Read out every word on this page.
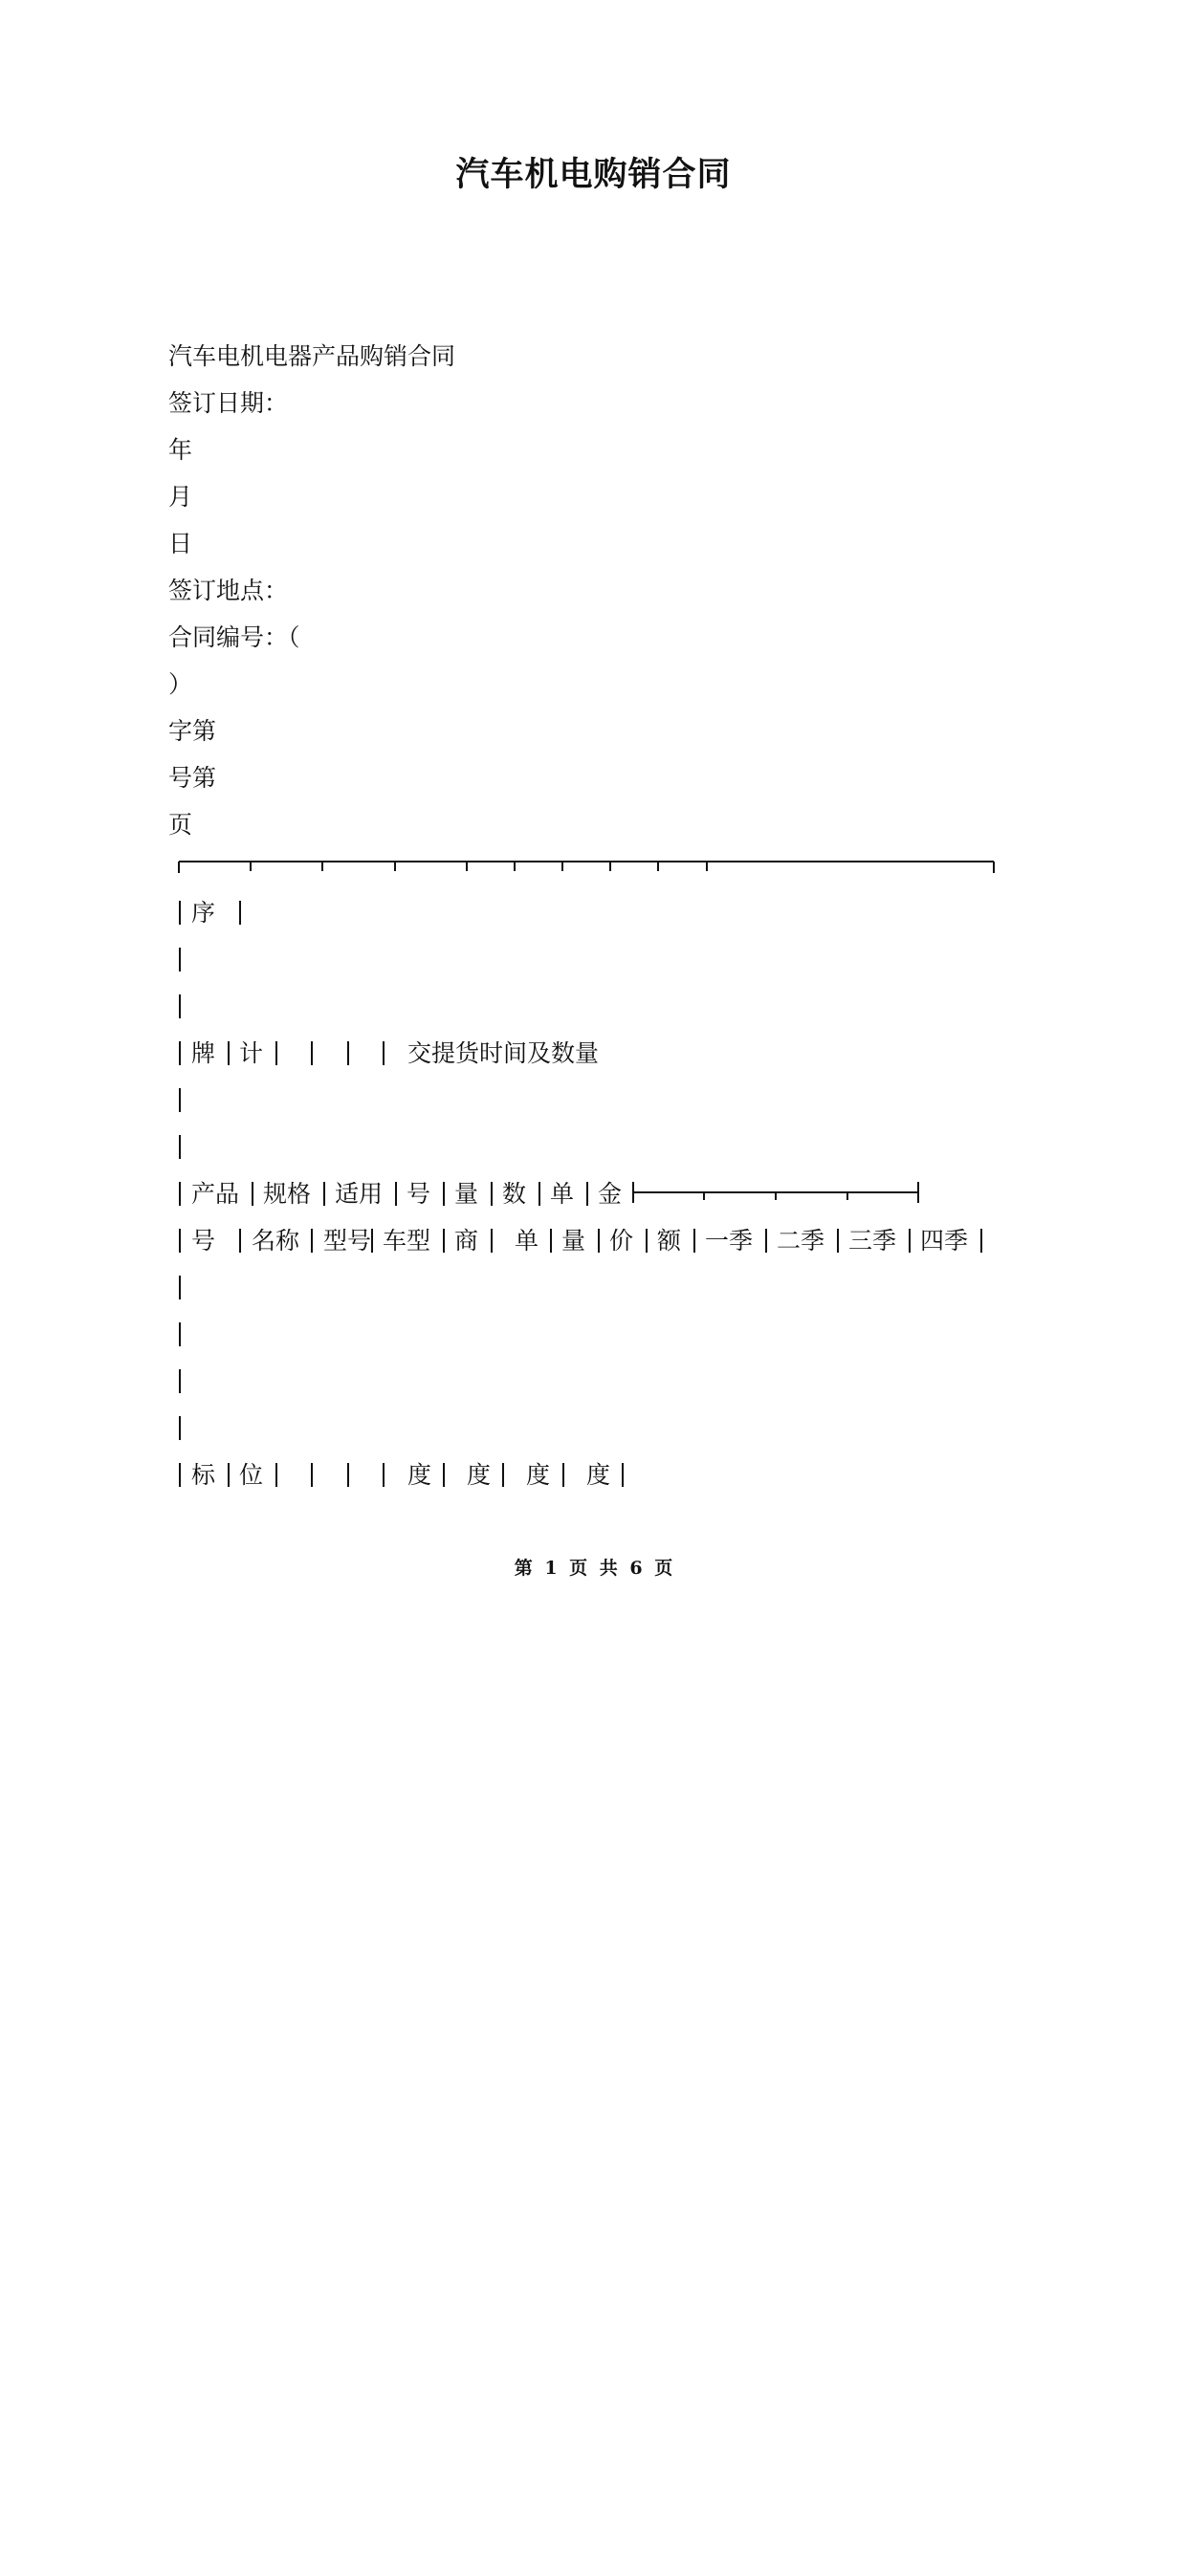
汽车机电购销合同
汽车电机电器产品购销合同
签订日期：
年
月
日
签订地点：
合同编号：（
）
字第
号第
页

序

牌

计

	交提货时间及数量

产品

规格

适用

号

量

数

单

金

号

名称

型号

车型

商

单

量

价

额

一季

二季

三季

四季

标

位

	度

度

度

度

第 1 页 共 6 页
